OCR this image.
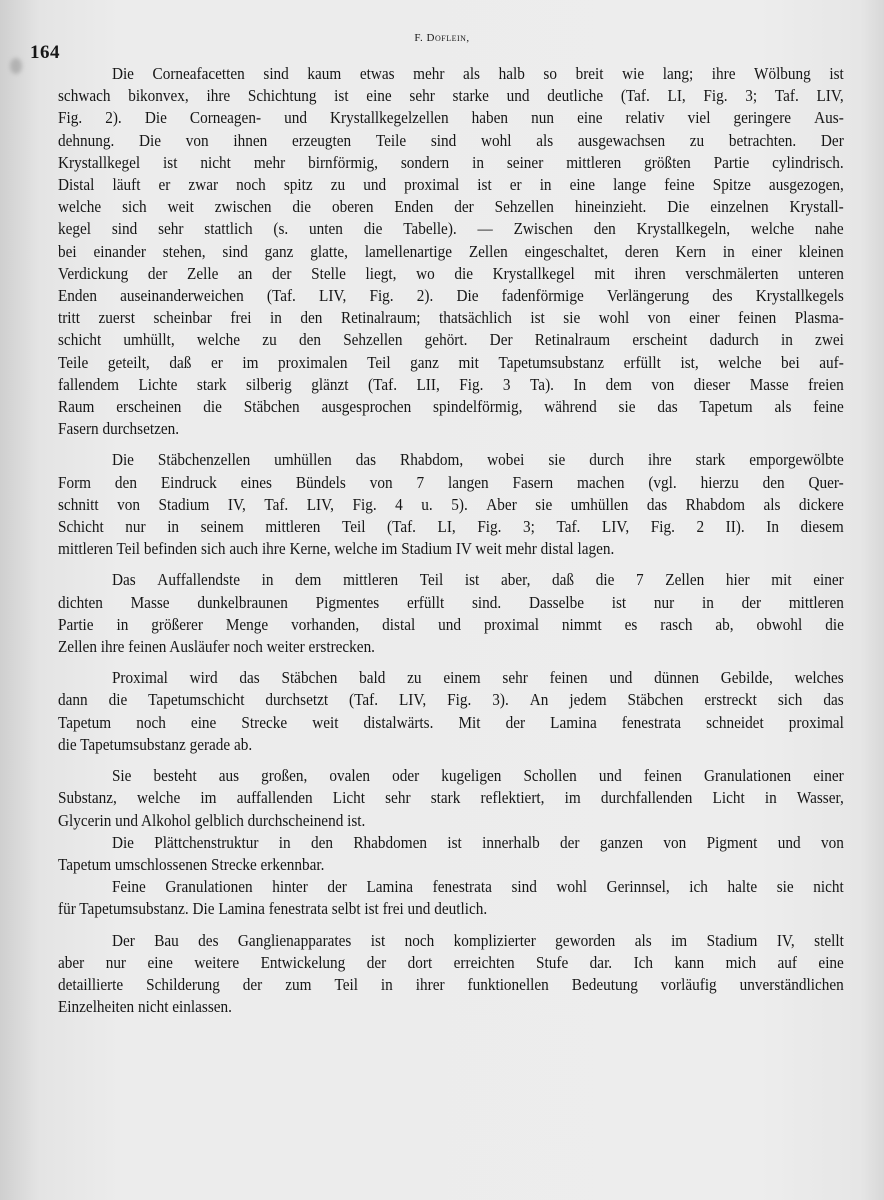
F. Doflein,
164
Die Corneafacetten sind kaum etwas mehr als halb so breit wie lang; ihre Wölbung ist
schwach bikonvex, ihre Schichtung ist eine sehr starke und deutliche (Taf. LI, Fig. 3; Taf. LIV,
Fig. 2). Die Corneagen- und Krystallkegelzellen haben nun eine relativ viel geringere Aus-
dehnung. Die von ihnen erzeugten Teile sind wohl als ausgewachsen zu betrachten. Der
Krystallkegel ist nicht mehr birnförmig, sondern in seiner mittleren größten Partie cylindrisch.
Distal läuft er zwar noch spitz zu und proximal ist er in eine lange feine Spitze ausgezogen,
welche sich weit zwischen die oberen Enden der Sehzellen hineinzieht. Die einzelnen Krystall-
kegel sind sehr stattlich (s. unten die Tabelle). — Zwischen den Krystallkegeln, welche nahe
bei einander stehen, sind ganz glatte, lamellenartige Zellen eingeschaltet, deren Kern in einer kleinen
Verdickung der Zelle an der Stelle liegt, wo die Krystallkegel mit ihren verschmälerten unteren
Enden auseinanderweichen (Taf. LIV, Fig. 2). Die fadenförmige Verlängerung des Krystallkegels
tritt zuerst scheinbar frei in den Retinalraum; thatsächlich ist sie wohl von einer feinen Plasma-
schicht umhüllt, welche zu den Sehzellen gehört. Der Retinalraum erscheint dadurch in zwei
Teile geteilt, daß er im proximalen Teil ganz mit Tapetumsubstanz erfüllt ist, welche bei auf-
fallendem Lichte stark silberig glänzt (Taf. LII, Fig. 3 Ta). In dem von dieser Masse freien
Raum erscheinen die Stäbchen ausgesprochen spindelförmig, während sie das Tapetum als feine
Fasern durchsetzen.
Die Stäbchenzellen umhüllen das Rhabdom, wobei sie durch ihre stark emporgewölbte
Form den Eindruck eines Bündels von 7 langen Fasern machen (vgl. hierzu den Quer-
schnitt von Stadium IV, Taf. LIV, Fig. 4 u. 5). Aber sie umhüllen das Rhabdom als dickere
Schicht nur in seinem mittleren Teil (Taf. LI, Fig. 3; Taf. LIV, Fig. 2 II). In diesem
mittleren Teil befinden sich auch ihre Kerne, welche im Stadium IV weit mehr distal lagen.
Das Auffallendste in dem mittleren Teil ist aber, daß die 7 Zellen hier mit einer
dichten Masse dunkelbraunen Pigmentes erfüllt sind. Dasselbe ist nur in der mittleren
Partie in größerer Menge vorhanden, distal und proximal nimmt es rasch ab, obwohl die
Zellen ihre feinen Ausläufer noch weiter erstrecken.
Proximal wird das Stäbchen bald zu einem sehr feinen und dünnen Gebilde, welches
dann die Tapetumschicht durchsetzt (Taf. LIV, Fig. 3). An jedem Stäbchen erstreckt sich das
Tapetum noch eine Strecke weit distalwärts. Mit der Lamina fenestrata schneidet proximal
die Tapetumsubstanz gerade ab.
Sie besteht aus großen, ovalen oder kugeligen Schollen und feinen Granulationen einer
Substanz, welche im auffallenden Licht sehr stark reflektiert, im durchfallenden Licht in Wasser,
Glycerin und Alkohol gelblich durchscheinend ist.
Die Plättchenstruktur in den Rhabdomen ist innerhalb der ganzen von Pigment und von
Tapetum umschlossenen Strecke erkennbar.
Feine Granulationen hinter der Lamina fenestrata sind wohl Gerinnsel, ich halte sie nicht
für Tapetumsubstanz. Die Lamina fenestrata selbt ist frei und deutlich.
Der Bau des Ganglienapparates ist noch komplizierter geworden als im Stadium IV, stellt
aber nur eine weitere Entwickelung der dort erreichten Stufe dar. Ich kann mich auf eine
detaillierte Schilderung der zum Teil in ihrer funktionellen Bedeutung vorläufig unverständlichen
Einzelheiten nicht einlassen.
